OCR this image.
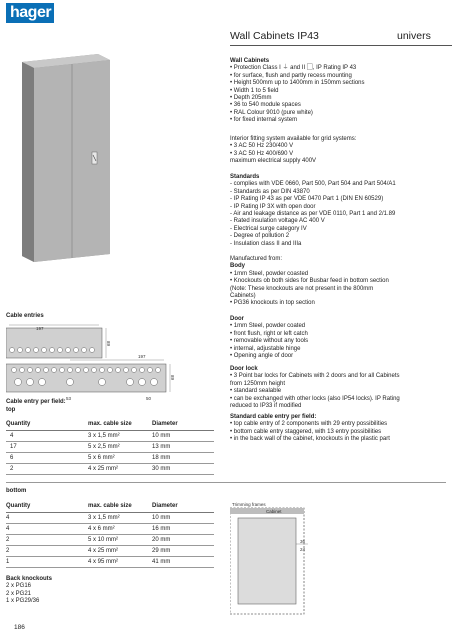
hager
Wall Cabinets IP43	univers

Wall Cabinets

• Protection Class I ⏚ and II ▢, IP Rating IP 43

• for surface, flush and partly recess mounting

• Height 500mm up to 1400mm in 150mm sections

• Width 1 to 5 field

• Depth 205mm

• 36 to 540 module spaces

• RAL Colour 9010 (pure white)

• for fixed internal system

Interior fitting system available for grid systems:

• 3 AC 50 Hz 230/400 V

• 3 AC 50 Hz 400/690 V

maximum electrical supply 400V

Standards

- complies with VDE 0660, Part 500, Part 504 and Part 504/A1

- Standards as per DIN 43870

- IP Rating IP 43 as per VDE 0470 Part 1 (DIN EN 60529)

- IP Rating IP 3X with open door

- Air and leakage distance as per VDE 0110, Part 1 and 2/1.89

- Rated insulation voltage AC 400 V

- Electrical surge category IV

- Degree of pollution 2

- Insulation class II and IIIa

Manufactured from:

Body

• 1mm Steel, powder coasted

• Knockouts ob both sides for Busbar feed in bottom section

(Note: These knockouts are not present in the 800mm

Cabinets)

• PG36 knockouts in top section

Door

• 1mm Steel, powder coated

• front flush, right or left catch

• removable without any tools

• internal, adjustable hinge

• Opening angle of door

Door lock

• 3 Point bar locks for Cabinets with 2 doors and for all Cabinets

from 1250mm height

• standard sealable

• can be exchanged with other locks (also IP54 locks). IP Rating

reduced to IP33 if modified

Standard cable entry per field:

• top cable entry of 2 components with 29 entry possibilities

• bottom cable entry staggered, with 13 entry possibilities

• in the back wall of the cabinet, knockouts in the plastic part

Cable entries
197
68
197
68
53	50
Cable entry per field:
top
Quantity	max. cable size	Diameter
4	3 x 1,5 mm²	10 mm
17	5 x 2,5 mm²	13 mm
6	5 x 6 mm²	18 mm
2	4 x 25 mm²	30 mm
bottom
Quantity	max. cable size	Diameter
4	3 x 1,5 mm²	10 mm
4	4 x 6 mm²	16 mm
2	5 x 10 mm²	20 mm
2	4 x 25 mm²	29 mm
1	4 x 95 mm²	41 mm
Trimming frames
Cabinet
36
24
Back knockouts
2 x PG16
2 x PG21
1 x PG29/36
186
